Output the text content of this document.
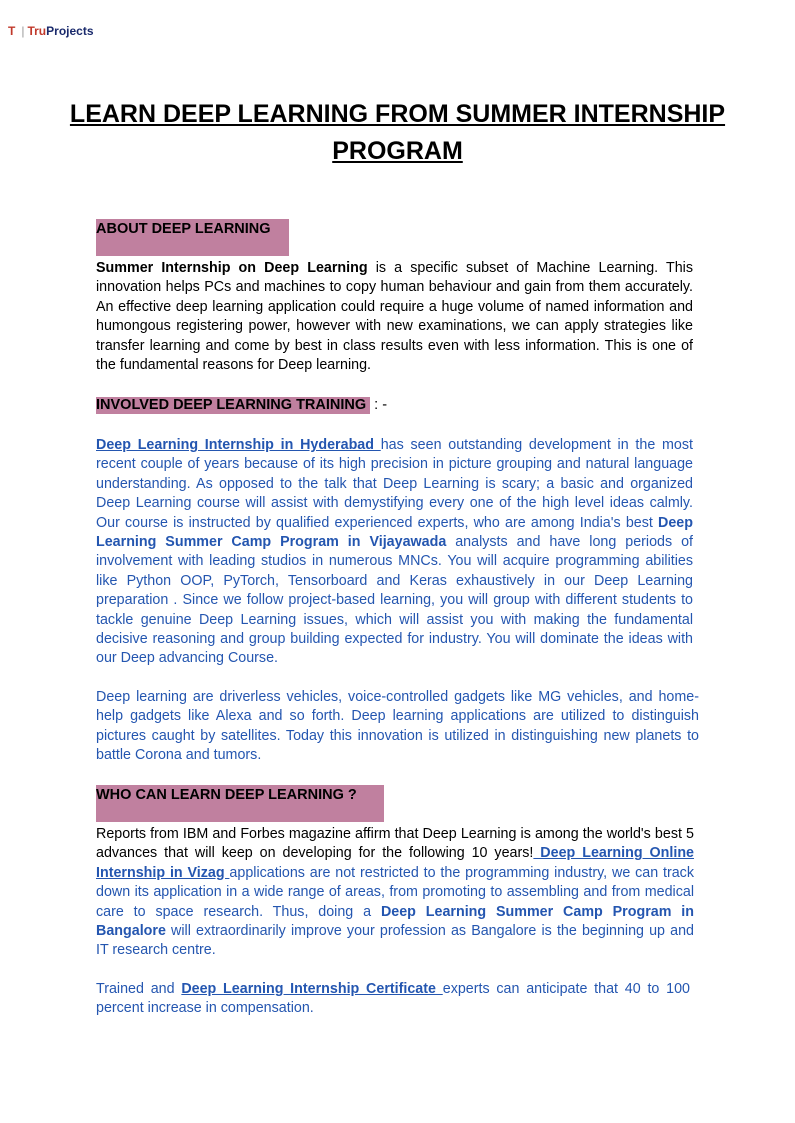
T | Tru Projects
LEARN DEEP LEARNING FROM SUMMER INTERNSHIP PROGRAM
ABOUT DEEP LEARNING
Summer Internship on Deep Learning is a specific subset of Machine Learning. This innovation helps PCs and machines to copy human behaviour and gain from them accurately. An effective deep learning application could require a huge volume of named information and humongous registering power, however with new examinations, we can apply strategies like transfer learning and come by best in class results even with less information. This is one of the fundamental reasons for Deep learning.
INVOLVED DEEP LEARNING TRAINING : -
Deep Learning Internship in Hyderabad has seen outstanding development in the most recent couple of years because of its high precision in picture grouping and natural language understanding. As opposed to the talk that Deep Learning is scary; a basic and organized Deep Learning course will assist with demystifying every one of the high level ideas calmly. Our course is instructed by qualified experienced experts, who are among India's best Deep Learning Summer Camp Program in Vijayawada analysts and have long periods of involvement with leading studios in numerous MNCs. You will acquire programming abilities like Python OOP, PyTorch, Tensorboard and Keras exhaustively in our Deep Learning preparation . Since we follow project-based learning, you will group with different students to tackle genuine Deep Learning issues, which will assist you with making the fundamental decisive reasoning and group building expected for industry. You will dominate the ideas with our Deep advancing Course.
Deep learning are driverless vehicles, voice-controlled gadgets like MG vehicles, and home-help gadgets like Alexa and so forth. Deep learning applications are utilized to distinguish pictures caught by satellites. Today this innovation is utilized in distinguishing new planets to battle Corona and tumors.
WHO CAN LEARN DEEP LEARNING ?
Reports from IBM and Forbes magazine affirm that Deep Learning is among the world's best 5 advances that will keep on developing for the following 10 years! Deep Learning Online Internship in Vizag applications are not restricted to the programming industry, we can track down its application in a wide range of areas, from promoting to assembling and from medical care to space research. Thus, doing a Deep Learning Summer Camp Program in Bangalore will extraordinarily improve your profession as Bangalore is the beginning up and IT research centre.
Trained and Deep Learning Internship Certificate experts can anticipate that 40 to 100 percent increase in compensation.
